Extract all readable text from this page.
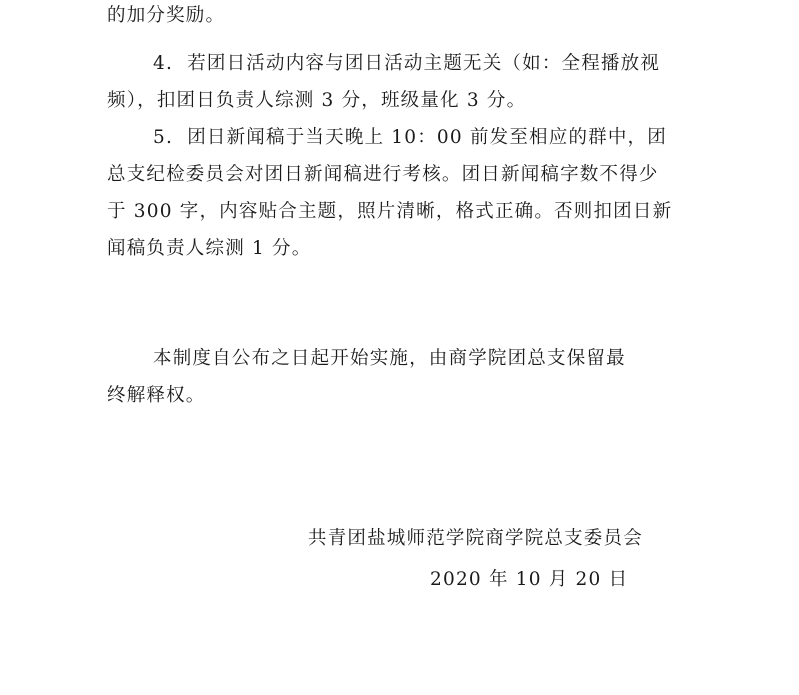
的加分奖励。
4.  若团日活动内容与团日活动主题无关（如：全程播放视
频），扣团日负责人综测 3 分，班级量化 3 分。
5.  团日新闻稿于当天晚上 10：00 前发至相应的群中，团
总支纪检委员会对团日新闻稿进行考核。团日新闻稿字数不得少
于 300 字，内容贴合主题，照片清晰，格式正确。否则扣团日新
闻稿负责人综测 1 分。
本制度自公布之日起开始实施，由商学院团总支保留最
终解释权。
共青团盐城师范学院商学院总支委员会
2020 年 10 月 20 日
